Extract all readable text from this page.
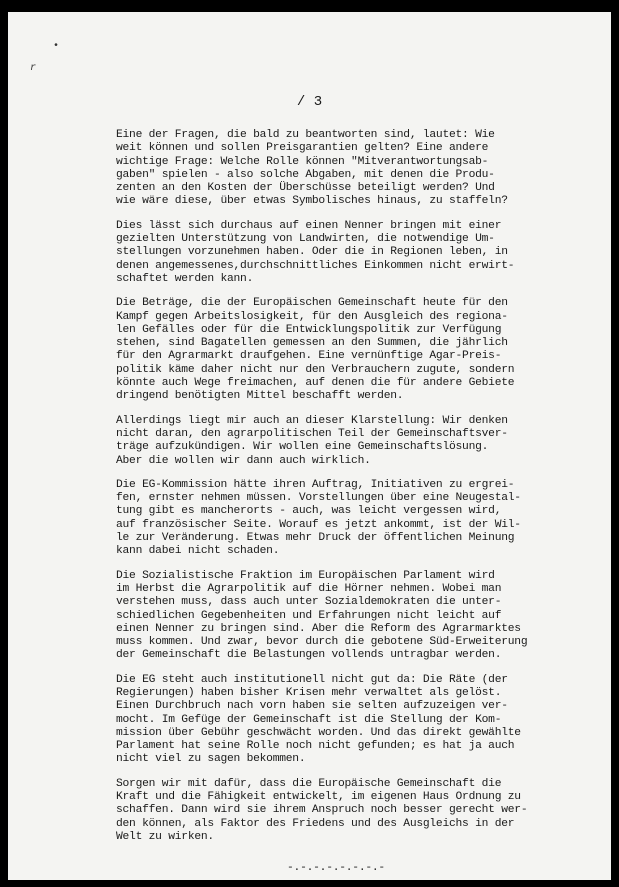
•
r
/ 3
Eine der Fragen, die bald zu beantworten sind, lautet: Wie
weit können und sollen Preisgarantien gelten? Eine andere
wichtige Frage: Welche Rolle können "Mitverantwortungsab-
gaben" spielen - also solche Abgaben, mit denen die Produ-
zenten an den Kosten der Überschüsse beteiligt werden? Und
wie wäre diese, über etwas Symbolisches hinaus, zu staffeln?
Dies lässt sich durchaus auf einen Nenner bringen mit einer
gezielten Unterstützung von Landwirten, die notwendige Um-
stellungen vorzunehmen haben. Oder die in Regionen leben, in
denen angemessenes,durchschnittliches Einkommen nicht erwirt-
schaftet werden kann.
Die Beträge, die der Europäischen Gemeinschaft heute für den
Kampf gegen Arbeitslosigkeit, für den Ausgleich des regiona-
len Gefälles oder für die Entwicklungspolitik zur Verfügung
stehen, sind Bagatellen gemessen an den Summen, die jährlich
für den Agrarmarkt draufgehen. Eine vernünftige Agar-Preis-
politik käme daher nicht nur den Verbrauchern zugute, sondern
könnte auch Wege freimachen, auf denen die für andere Gebiete
dringend benötigten Mittel beschafft werden.
Allerdings liegt mir auch an dieser Klarstellung: Wir denken
nicht daran, den agrarpolitischen Teil der Gemeinschaftsver-
träge aufzukündigen. Wir wollen eine Gemeinschaftslösung.
Aber die wollen wir dann auch wirklich.
Die EG-Kommission hätte ihren Auftrag, Initiativen zu ergrei-
fen, ernster nehmen müssen. Vorstellungen über eine Neugestal-
tung gibt es mancherorts - auch, was leicht vergessen wird,
auf französischer Seite. Worauf es jetzt ankommt, ist der Wil-
le zur Veränderung. Etwas mehr Druck der öffentlichen Meinung
kann dabei nicht schaden.
Die Sozialistische Fraktion im Europäischen Parlament wird
im Herbst die Agrarpolitik auf die Hörner nehmen. Wobei man
verstehen muss, dass auch unter Sozialdemokraten die unter-
schiedlichen Gegebenheiten und Erfahrungen nicht leicht auf
einen Nenner zu bringen sind. Aber die Reform des Agrarmarktes
muss kommen. Und zwar, bevor durch die gebotene Süd-Erweiterung
der Gemeinschaft die Belastungen vollends untragbar werden.
Die EG steht auch institutionell nicht gut da: Die Räte (der
Regierungen) haben bisher Krisen mehr verwaltet als gelöst.
Einen Durchbruch nach vorn haben sie selten aufzuzeigen ver-
mocht. Im Gefüge der Gemeinschaft ist die Stellung der Kom-
mission über Gebühr geschwächt worden. Und das direkt gewählte
Parlament hat seine Rolle noch nicht gefunden; es hat ja auch
nicht viel zu sagen bekommen.
Sorgen wir mit dafür, dass die Europäische Gemeinschaft die
Kraft und die Fähigkeit entwickelt, im eigenen Haus Ordnung zu
schaffen. Dann wird sie ihrem Anspruch noch besser gerecht wer-
den können, als Faktor des Friedens und des Ausgleichs in der
Welt zu wirken.
-.-.-.-.-.-.-.-
